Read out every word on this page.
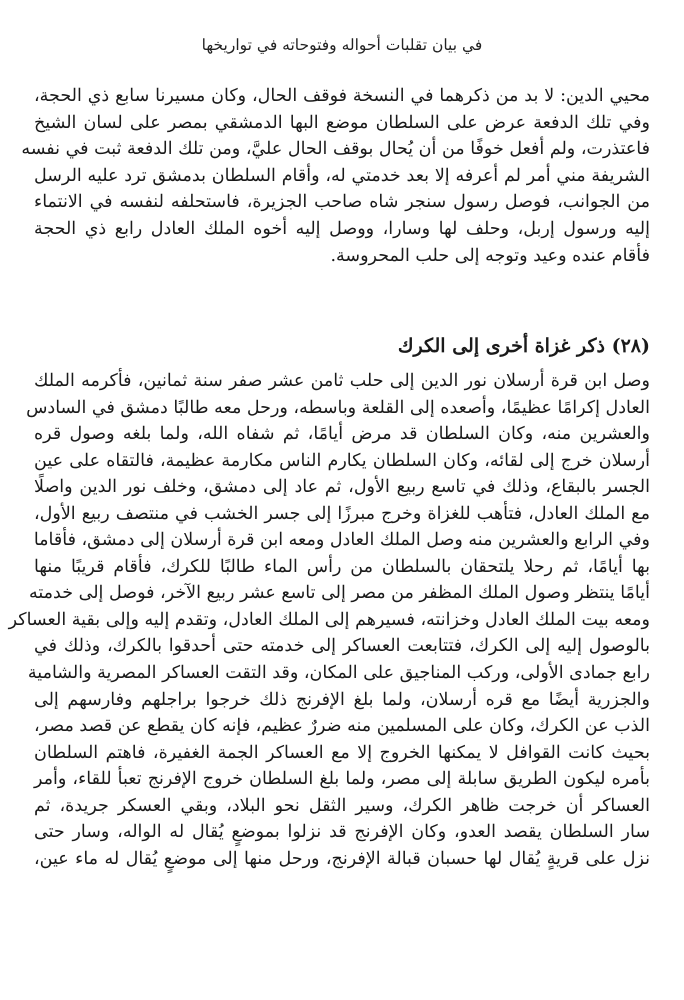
في بيان تقلبات أحواله وفتوحاته في تواريخها
محيي الدين: لا بد من ذكرهما في النسخة فوقف الحال، وكان مسيرنا سابع ذي الحجة،
وفي تلك الدفعة عرض على السلطان موضع البها الدمشقي بمصر على لسان الشيخ
فاعتذرت، ولم أفعل خوفًا من أن يُحال بوقف الحال عليَّ، ومن تلك الدفعة ثبت في نفسه
الشريفة مني أمر لم أعرفه إلا بعد خدمتي له، وأقام السلطان بدمشق ترد عليه الرسل
من الجوانب، فوصل رسول سنجر شاه صاحب الجزيرة، فاستحلفه لنفسه في الانتماء
إليه ورسول إربل، وحلف لها وسارا، ووصل إليه أخوه الملك العادل رابع ذي الحجة
فأقام عنده وعيد وتوجه إلى حلب المحروسة.
(٢٨) ذكر غزاة أخرى إلى الكرك
وصل ابن قرة أرسلان نور الدين إلى حلب ثامن عشر صفر سنة ثمانين، فأكرمه الملك
العادل إكرامًا عظيمًا، وأصعده إلى القلعة وباسطه، ورحل معه طالبًا دمشق في السادس
والعشرين منه، وكان السلطان قد مرض أيامًا، ثم شفاه الله، ولما بلغه وصول قره
أرسلان خرج إلى لقائه، وكان السلطان يكارم الناس مكارمة عظيمة، فالتقاه على عين
الجسر بالبقاع، وذلك في تاسع ربيع الأول، ثم عاد إلى دمشق، وخلف نور الدين واصلًا
مع الملك العادل، فتأهب للغزاة وخرج مبرزًا إلى جسر الخشب في منتصف ربيع الأول،
وفي الرابع والعشرين منه وصل الملك العادل ومعه ابن قرة أرسلان إلى دمشق، فأقاما
بها أيامًا، ثم رحلا يلتحقان بالسلطان من رأس الماء طالبًا للكرك، فأقام قريبًا منها
أيامًا ينتظر وصول الملك المظفر من مصر إلى تاسع عشر ربيع الآخر، فوصل إلى خدمته
ومعه بيت الملك العادل وخزانته، فسيرهم إلى الملك العادل، وتقدم إليه وإلى بقية العساكر
بالوصول إليه إلى الكرك، فتتابعت العساكر إلى خدمته حتى أحدقوا بالكرك، وذلك في
رابع جمادى الأولى، وركب المناجيق على المكان، وقد التقت العساكر المصرية والشامية
والجزرية أيضًا مع قره أرسلان، ولما بلغ الإفرنج ذلك خرجوا براجلهم وفارسهم إلى
الذب عن الكرك، وكان على المسلمين منه ضررٌ عظيم، فإنه كان يقطع عن قصد مصر،
بحيث كانت القوافل لا يمكنها الخروج إلا مع العساكر الجمة الغفيرة، فاهتم السلطان
بأمره ليكون الطريق سابلة إلى مصر، ولما بلغ السلطان خروج الإفرنج تعبأ للقاء، وأمر
العساكر أن خرجت ظاهر الكرك، وسير الثقل نحو البلاد، وبقي العسكر جريدة، ثم
سار السلطان يقصد العدو، وكان الإفرنج قد نزلوا بموضعٍ يُقال له الواله، وسار حتى
نزل على قريةٍ يُقال لها حسبان قبالة الإفرنج، ورحل منها إلى موضعٍ يُقال له ماء عين،
